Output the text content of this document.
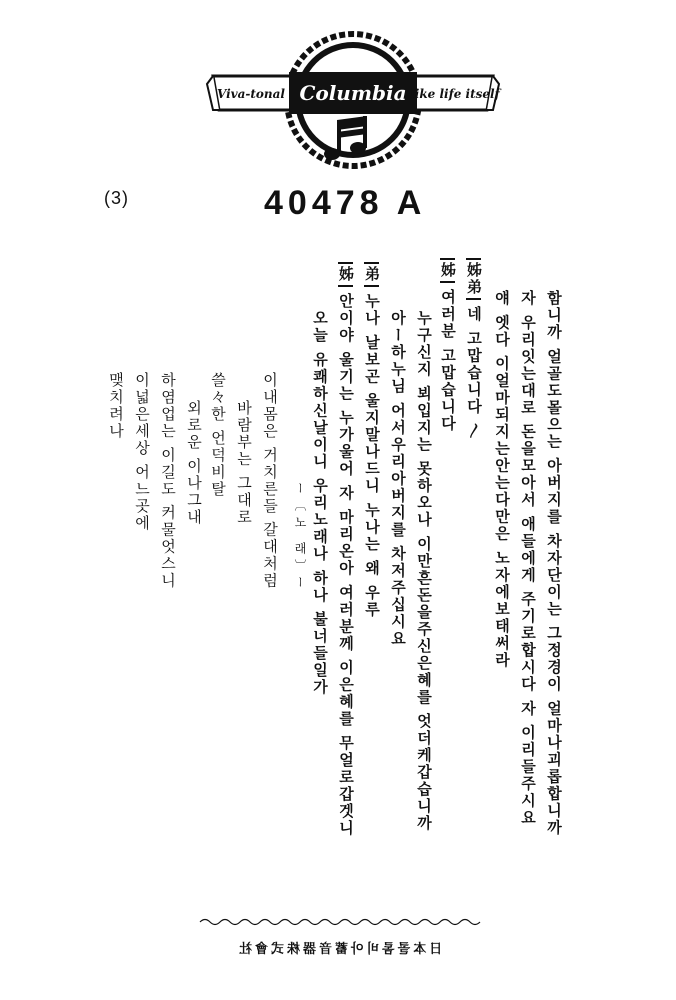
Columbia
Viva-tonal	like life itself
(3)	40478 A
함니까 얼골도몰으는 아버지를 차자단이는 그정경이 얼마나괴롭합니까
자 우리잇는대로 돈을모아서 애들에게 주기로합시다 자 이리들주시요
얘 엣다 이얼마되지는안는다만은 노자에보태써라
姊弟네 고맙습니다 〳
姊여러분 고맙습니다
누구신지 뵈입지는 못하오나 이만흔돈을주신은혜를 엇더케갑습니까
아ー하누님 어서우리아버지를 차저주십시요
弟누나 날보곤 울지말나드니 누나는 왜 우루
姊안이야 울기는 누가울어 자 마리온아 여러분께 이은혜를 무얼로갑겟니
오늘 유쾌하신날이니 우리노래나 하나 불너들일가
ー〔노 래〕ー
이내몸은 거치른들 갈대처럼
바람부는 그대로
쓸々한 언덕비탈
외로운 이나그내
하염업는 이길도 커물엇스니
이넓은세상 어느곳에
맺치려나
日本콜롬비아蓄音器株式會社
